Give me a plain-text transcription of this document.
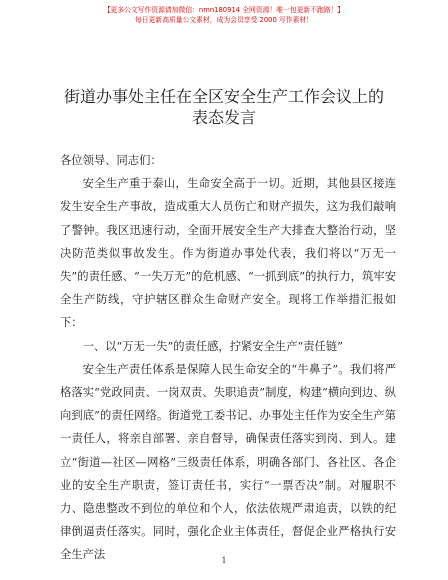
【更多公文写作资源请加微信：nmn180914 全网资源！唯一包更新不跑路！】
每日更新高质量公文素材，成为会员享受 2000 写作素材！
街道办事处主任在全区安全生产工作会议上的
表态发言

各位领导、同志们：

安全生产重于泰山，生命安全高于一切。近期，其他县区接连发生安全生产事故，造成重大人员伤亡和财产损失，这为我们敲响了警钟。我区迅速行动，全面开展安全生产大排查大整治行动，坚决防范类似事故发生。作为街道办事处代表，我们将以“万无一失”的责任感、“一失万无”的危机感、“一抓到底”的执行力，筑牢安全生产防线，守护辖区群众生命财产安全。现将工作举措汇报如下：

一、以“万无一失”的责任感，拧紧安全生产“责任链”

安全生产责任体系是保障人民生命安全的“牛鼻子”。我们将严格落实“党政同责、一岗双责、失职追责”制度，构建“横向到边、纵向到底”的责任网络。街道党工委书记、办事处主任作为安全生产第一责任人，将亲自部署、亲自督导，确保责任落实到岗、到人。建立“街道—社区—网格”三级责任体系，明确各部门、各社区、各企业的安全生产职责，签订责任书，实行“一票否决”制。对履职不力、隐患整改不到位的单位和个人，依法依规严肃追责，以铁的纪律倒逼责任落实。同时，强化企业主体责任，督促企业严格执行安全生产法	1
